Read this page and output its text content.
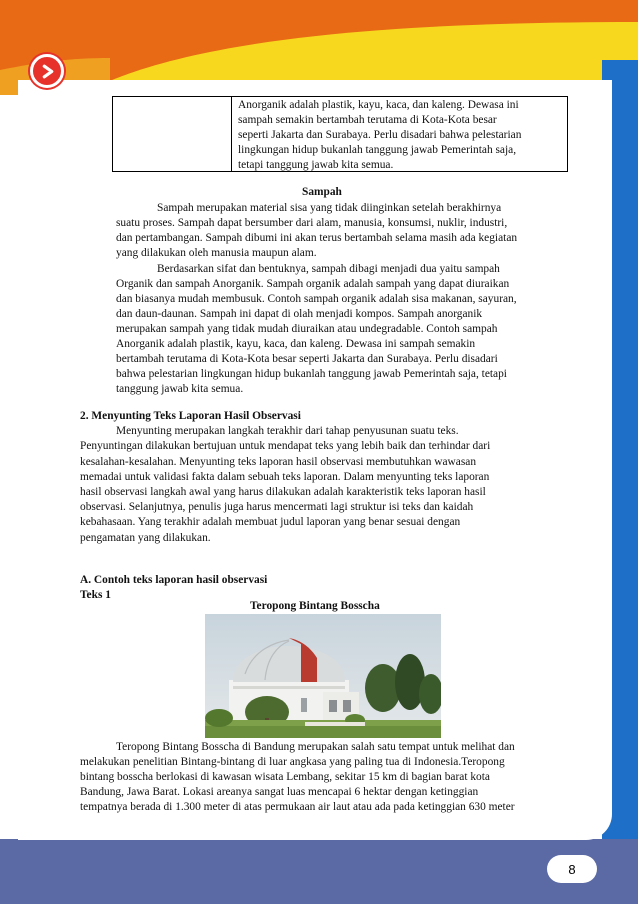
Anorganik adalah plastik, kayu, kaca, dan kaleng. Dewasa ini
sampah semakin bertambah terutama di Kota-Kota besar
seperti Jakarta dan Surabaya. Perlu disadari bahwa pelestarian
lingkungan hidup bukanlah tanggung jawab Pemerintah saja,
tetapi tanggung jawab kita semua.
Sampah
Sampah merupakan material sisa yang tidak diinginkan setelah berakhirnya
suatu proses. Sampah dapat bersumber dari alam, manusia, konsumsi, nuklir, industri,
dan pertambangan. Sampah dibumi ini akan terus bertambah selama masih ada kegiatan
yang dilakukan oleh manusia maupun alam.
Berdasarkan sifat dan bentuknya, sampah dibagi menjadi dua yaitu sampah
Organik dan sampah Anorganik. Sampah organik adalah sampah yang dapat diuraikan
dan biasanya mudah membusuk. Contoh sampah organik adalah sisa makanan, sayuran,
dan daun-daunan. Sampah ini dapat di olah menjadi kompos. Sampah anorganik
merupakan sampah yang tidak mudah diuraikan atau undegradable. Contoh sampah
Anorganik adalah plastik, kayu, kaca, dan kaleng. Dewasa ini sampah semakin
bertambah terutama di Kota-Kota besar seperti Jakarta dan Surabaya. Perlu disadari
bahwa pelestarian lingkungan hidup bukanlah tanggung jawab Pemerintah saja, tetapi
tanggung jawab kita semua.
2. Menyunting Teks Laporan Hasil Observasi
Menyunting merupakan langkah terakhir dari tahap penyusunan suatu teks.
Penyuntingan dilakukan bertujuan untuk mendapat teks yang lebih baik dan terhindar dari
kesalahan-kesalahan. Menyunting teks laporan hasil observasi membutuhkan wawasan
memadai untuk validasi fakta dalam sebuah teks laporan. Dalam menyunting teks laporan
hasil observasi langkah awal yang harus dilakukan adalah karakteristik teks laporan hasil
observasi. Selanjutnya, penulis juga harus mencermati lagi struktur isi teks dan kaidah
kebahasaan. Yang terakhir adalah membuat judul laporan yang benar sesuai dengan
pengamatan yang dilakukan.
A. Contoh teks laporan hasil observasi
Teks 1
Teropong Bintang Bosscha
Teropong Bintang Bosscha di Bandung merupakan salah satu tempat untuk melihat dan
melakukan penelitian Bintang-bintang di luar angkasa yang paling tua di Indonesia.Teropong
bintang bosscha berlokasi di kawasan wisata Lembang, sekitar 15 km di bagian barat kota
Bandung, Jawa Barat. Lokasi areanya sangat luas mencapai 6 hektar dengan ketinggian
tempatnya berada di 1.300 meter di atas permukaan air laut atau ada pada ketinggian 630 meter
8
